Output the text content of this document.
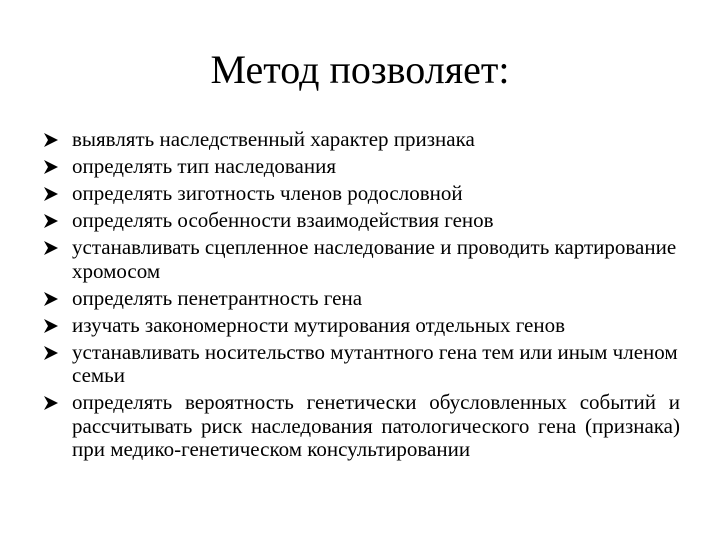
Метод позволяет:
выявлять наследственный характер признака
определять тип наследования
определять зиготность членов родословной
определять особенности взаимодействия генов
устанавливать сцепленное наследование и проводить картирование хромосом
определять пенетрантность гена
изучать закономерности мутирования отдельных генов
устанавливать носительство мутантного гена тем или иным членом семьи
определять вероятность генетически обусловленных событий и рассчитывать риск наследования патологического гена (признака) при медико-генетическом консультировании
